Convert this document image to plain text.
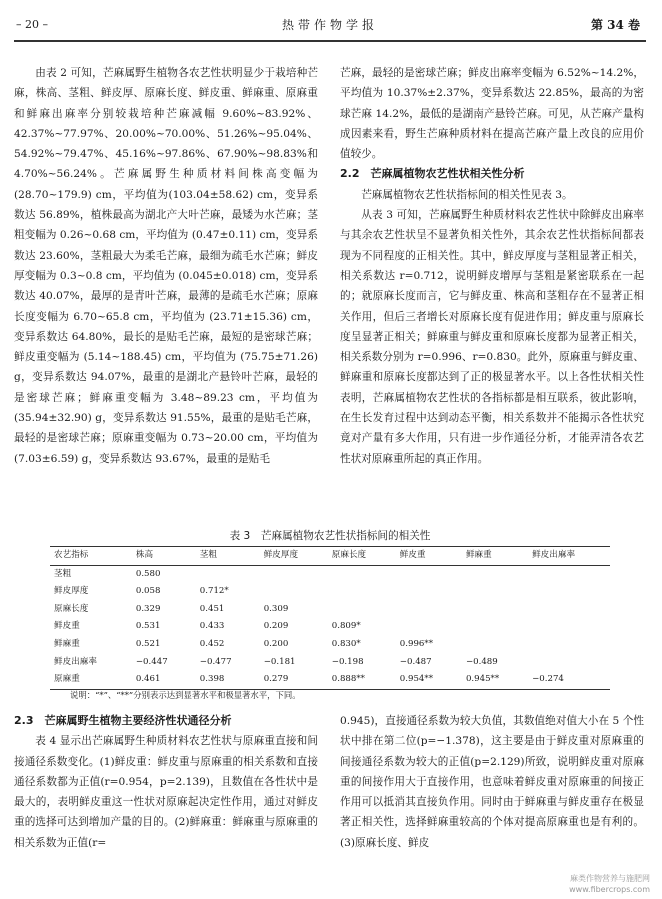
– 20 –	热带作物学报	第 34 卷

由表 2 可知，芒麻属野生植物各农艺性状明显少于栽培种芒麻，株高、茎粗、鲜皮厚、原麻长度、鲜皮重、鲜麻重、原麻重和鲜麻出麻率分别较栽培种芒麻减幅 9.60%~83.92%、42.37%~77.97%、20.00%~70.00%、51.26%~95.04%、54.92%~79.47%、45.16%~97.86%、67.90%~98.83%和 4.70%~56.24%。芒麻属野生种质材料间株高变幅为(28.70~179.9) cm，平均值为(103.04±58.62) cm，变异系数达 56.89%，植株最高为湖北产大叶芒麻，最矮为水芒麻；茎粗变幅为 0.26~0.68 cm，平均值为 (0.47±0.11) cm，变异系数达 23.60%，茎粗最大为柔毛芒麻，最细为疏毛水芒麻；鲜皮厚变幅为 0.3~0.8 cm，平均值为 (0.045±0.018) cm，变异系数达 40.07%，最厚的是青叶芒麻，最薄的是疏毛水芒麻；原麻长度变幅为 6.70~65.8 cm，平均值为 (23.71±15.36) cm，变异系数达 64.80%，最长的是贴毛芒麻，最短的是密球芒麻；鲜皮重变幅为 (5.14~188.45) cm，平均值为 (75.75±71.26) g，变异系数达 94.07%，最重的是湖北产悬铃叶芒麻，最轻的是密球芒麻；鲜麻重变幅为 3.48~89.23 cm，平均值为 (35.94±32.90) g，变异系数达 91.55%，最重的是贴毛芒麻，最轻的是密球芒麻；原麻重变幅为 0.73~20.00 cm，平均值为 (7.03±6.59) g，变异系数达 93.67%，最重的是贴毛

芒麻，最轻的是密球芒麻；鲜皮出麻率变幅为 6.52%~14.2%，平均值为 10.37%±2.37%，变异系数达 22.85%，最高的为密球芒麻 14.2%，最低的是湖南产悬铃芒麻。可见，从芒麻产量构成因素来看，野生芒麻种质材料在提高芒麻产量上改良的应用价值较少。

2.2　芒麻属植物农艺性状相关性分析

芒麻属植物农艺性状指标间的相关性见表 3。

从表 3 可知，芒麻属野生种质材料农艺性状中除鲜皮出麻率与其余农艺性状呈不显著负相关性外，其余农艺性状指标间都表现为不同程度的正相关性。其中，鲜皮厚度与茎粗显著正相关，相关系数达 r=0.712，说明鲜皮增厚与茎粗是紧密联系在一起的；就原麻长度而言，它与鲜皮重、株高和茎粗存在不显著正相关作用，但后三者增长对原麻长度有促进作用；鲜皮重与原麻长度呈显著正相关；鲜麻重与鲜皮重和原麻长度都为显著正相关，相关系数分别为 r=0.996、r=0.830。此外，原麻重与鲜皮重、鲜麻重和原麻长度都达到了正的极显著水平。以上各性状相关性表明，芒麻属植物农艺性状的各指标都是相互联系，彼此影响，在生长发育过程中达到动态平衡，相关系数并不能揭示各性状究竟对产量有多大作用，只有进一步作通径分析，才能弄清各农艺性状对原麻重所起的真正作用。

表 3　芒麻属植物农艺性状指标间的相关性
农艺指标	株高	茎粗	鲜皮厚度	原麻长度	鲜皮重	鲜麻重	鲜皮出麻率
茎粗	0.580						
鲜皮厚度	0.058	0.712*					
原麻长度	0.329	0.451	0.309				
鲜皮重	0.531	0.433	0.209	0.809*			
鲜麻重	0.521	0.452	0.200	0.830*	0.996**		
鲜皮出麻率	−0.447	−0.477	−0.181	−0.198	−0.487	−0.489	
原麻重	0.461	0.398	0.279	0.888**	0.954**	0.945**	−0.274
说明：“*”、“**”分别表示达到显著水平和极显著水平，下同。
2.3　芒麻属野生植物主要经济性状通径分析

表 4 显示出芒麻属野生种质材料农艺性状与原麻重直接和间接通径系数变化。(1)鲜皮重：鲜皮重与原麻重的相关系数和直接通径系数都为正值(r=0.954，p=2.139)，且数值在各性状中是最大的，表明鲜皮重这一性状对原麻起决定性作用，通过对鲜皮重的选择可达到增加产量的目的。(2)鲜麻重：鲜麻重与原麻重的相关系数为正值(r=

0.945)，直接通径系数为较大负值，其数值绝对值大小在 5 个性状中排在第二位(p=−1.378)，这主要是由于鲜皮重对原麻重的间接通径系数为较大的正值(p=2.129)所致，说明鲜皮重对原麻重的间接作用大于直接作用，也意味着鲜皮重对原麻重的间接正作用可以抵消其直接负作用。同时由于鲜麻重与鲜皮重存在极显著正相关性，选择鲜麻重较高的个体对提高原麻重也是有利的。(3)原麻长度、鲜皮

麻类作物营养与施肥网
www.fibercrops.com
